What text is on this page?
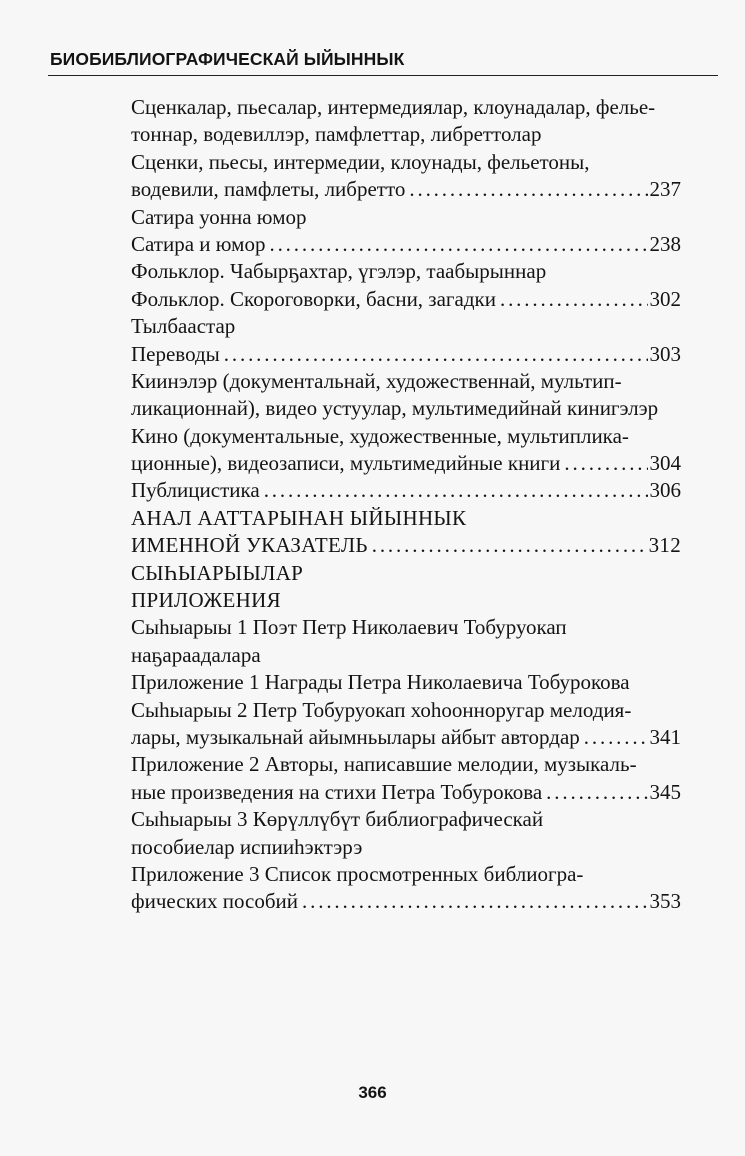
БИОБИБЛИОГРАФИЧЕСКАЙ ЫЙЫННЫК
Сценкалар, пьесалар, интермедиялар, клоунадалар, фелье-
тоннар, водевиллэр, памфлеттар, либреттолар
Сценки, пьесы, интермедии, клоунады, фельетоны,
водевили, памфлеты, либретто . . .	237
Сатира уонна юмор
Сатира и юмор . . .	238
Фольклор. Чабырҕахтар, үгэлэр, таабырыннар
Фольклор. Скороговорки, басни, загадки . . .	302
Тылбаастар
Переводы . . .	303
Киинэлэр (документальнай, художественнай, мультип-
ликационнай), видео устуулар, мультимедийнай кинигэлэр
Кино (документальные, художественные, мультиплика-
ционные), видеозаписи, мультимедийные книги . . .	304
Публицистика . . .	306
АНАЛ ААТТАРЫНАН ЫЙЫННЫК
ИМЕННОЙ УКАЗАТЕЛЬ . . .	312
СЫҺЫАРЫЫЛАР
ПРИЛОЖЕНИЯ
Сыһыарыы 1 Поэт Петр Николаевич Тобуруокап
наҕараадалара
Приложение 1 Награды Петра Николаевича Тобурокова
Сыһыарыы 2 Петр Тобуруокап хоһоонноругар мелодия-
лары, музыкальнай айымньылары айбыт автордар . . .	341
Приложение 2 Авторы, написавшие мелодии, музыкаль-
ные произведения на стихи Петра Тобурокова . . .	345
Сыһыарыы 3 Көрүллүбүт библиографическай
пособиелар испииһэктэрэ
Приложение 3 Список просмотренных библиогра-
фических пособий . . .	353
366
